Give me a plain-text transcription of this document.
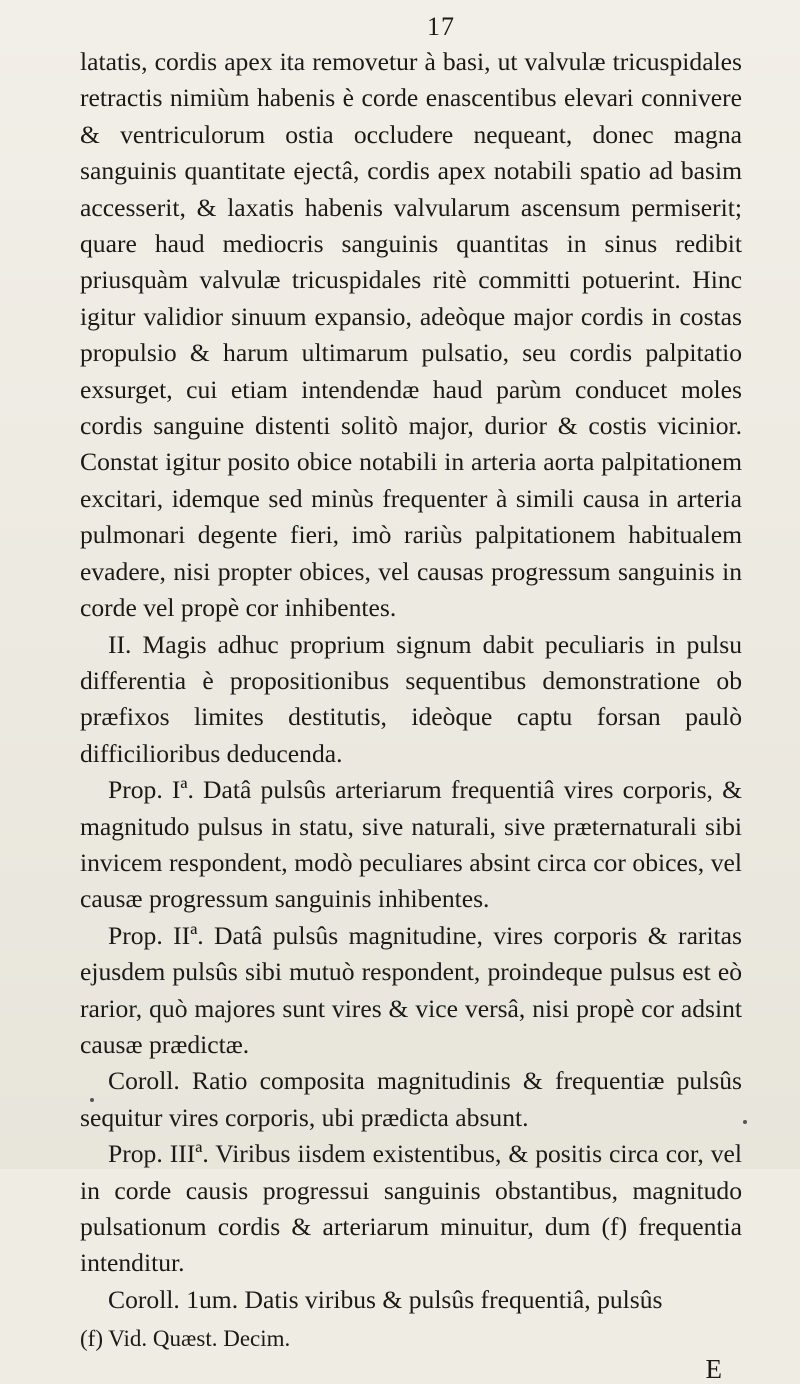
17

latatis, cordis apex ita removetur à basi, ut valvulæ tricuspidales retractis nimiùm habenis è corde enascentibus elevari connivere & ventriculorum ostia occludere nequeant, donec magna sanguinis quantitate ejectâ, cordis apex notabili spatio ad basim accesserit, & laxatis habenis valvularum ascensum permiserit; quare haud mediocris sanguinis quantitas in sinus redibit priusquàm valvulæ tricuspidales ritè committi potuerint. Hinc igitur validior sinuum expansio, adeòque major cordis in costas propulsio & harum ultimarum pulsatio, seu cordis palpitatio exsurget, cui etiam intendendæ haud parùm conducet moles cordis sanguine distenti solitò major, durior & costis vicinior. Constat igitur posito obice notabili in arteria aorta palpitationem excitari, idemque sed minùs frequenter à simili causa in arteria pulmonari degente fieri, imò rariùs palpitationem habitualem evadere, nisi propter obices, vel causas progressum sanguinis in corde vel propè cor inhibentes.

II. Magis adhuc proprium signum dabit peculiaris in pulsu differentia è propositionibus sequentibus demonstratione ob præfixos limites destitutis, ideòque captu forsan paulò difficilioribus deducenda.

Prop. Iª. Datâ pulsûs arteriarum frequentiâ vires corporis, & magnitudo pulsus in statu, sive naturali, sive præternaturali sibi invicem respondent, modò peculiares absint circa cor obices, vel causæ progressum sanguinis inhibentes.

Prop. IIª. Datâ pulsûs magnitudine, vires corporis & raritas ejusdem pulsûs sibi mutuò respondent, proindeque pulsus est eò rarior, quò majores sunt vires & vice versâ, nisi propè cor adsint causæ prædictæ.

Coroll. Ratio composita magnitudinis & frequentiæ pulsûs sequitur vires corporis, ubi prædicta absunt.

Prop. IIIª. Viribus iisdem existentibus, & positis circa cor, vel in corde causis progressui sanguinis obstantibus, magnitudo pulsationum cordis & arteriarum minuitur, dum (f) frequentia intenditur.

Coroll. 1um. Datis viribus & pulsûs frequentiâ, pulsûs

(f) Vid. Quæst. Decim.
E
